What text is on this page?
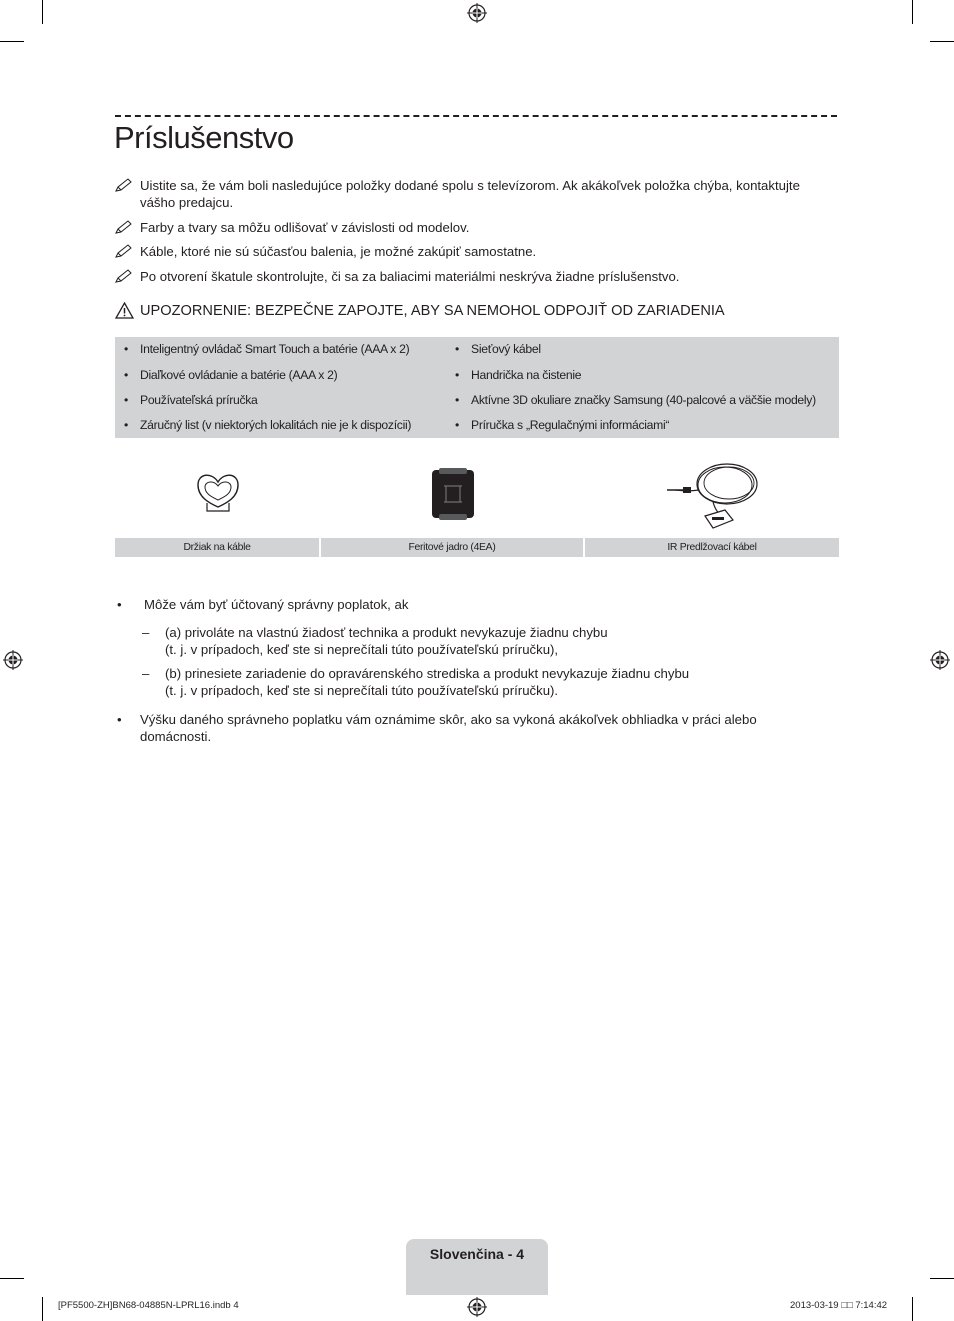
Príslušenstvo
Uistite sa, že vám boli nasledujúce položky dodané spolu s televízorom. Ak akákoľvek položka chýba, kontaktujte vášho predajcu.
Farby a tvary sa môžu odlišovať v závislosti od modelov.
Káble, ktoré nie sú súčasťou balenia, je možné zakúpiť samostatne.
Po otvorení škatule skontrolujte, či sa za baliacimi materiálmi neskrýva žiadne príslušenstvo.
UPOZORNENIE: BEZPEČNE ZAPOJTE, ABY SA NEMOHOL ODPOJIŤ OD ZARIADENIA
• Inteligentný ovládač Smart Touch a batérie (AAA x 2)
• Diaľkové ovládanie a batérie (AAA x 2)
• Používateľská príručka
• Záručný list (v niektorých lokalitách nie je k dispozícii)
• Sieťový kábel
• Handrička na čistenie
• Aktívne 3D okuliare značky Samsung (40-palcové a väčšie modely)
• Príručka s „Regulačnými informáciami“
Držiak na káble	Feritové jadro (4EA)	IR Predlžovací kábel
• Môže vám byť účtovaný správny poplatok, ak
– (a) privoláte na vlastnú žiadosť technika a produkt nevykazuje žiadnu chybu
(t. j. v prípadoch, keď ste si neprečítali túto používateľskú príručku),
– (b) prinesiete zariadenie do opravárenského strediska a produkt nevykazuje žiadnu chybu
(t. j. v prípadoch, keď ste si neprečítali túto používateľskú príručku).
• Výšku daného správneho poplatku vám oznámime skôr, ako sa vykoná akákoľvek obhliadka v práci alebo
domácnosti.
Slovenčina - 4
[PF5500-ZH]BN68-04885N-LPRL16.indb 4	2013-03-19 □□ 7:14:42
